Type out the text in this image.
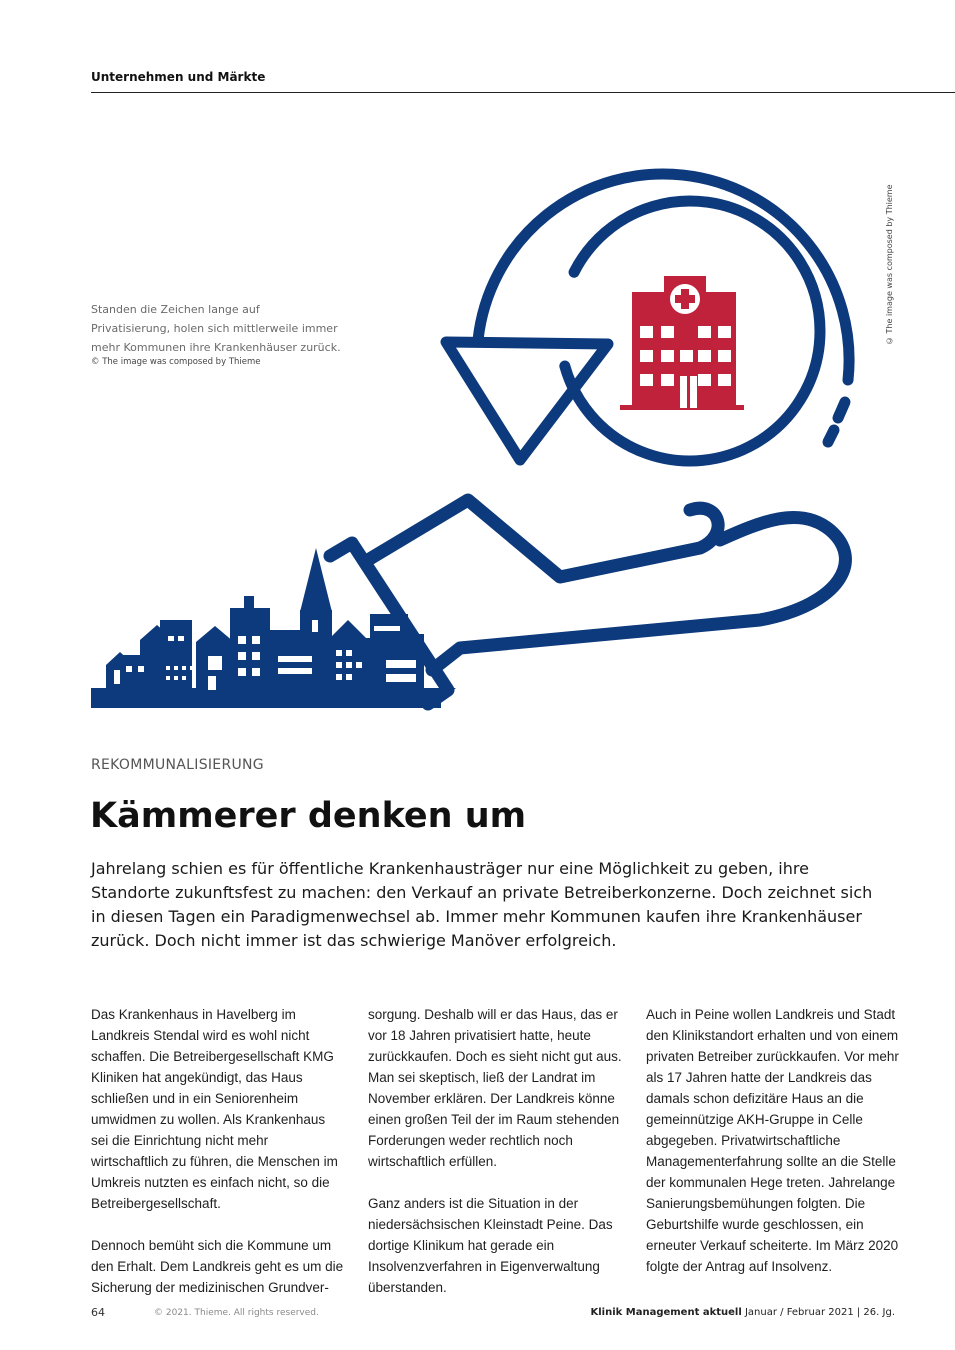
Unternehmen und Märkte
Standen die Zeichen lange auf Privatisierung, holen sich mittlerweile immer mehr Kommunen ihre Krankenhäuser zurück.
© The image was composed by Thieme
© The image was composed by Thieme
REKOMMUNALISIERUNG
Kämmerer denken um

Jahrelang schien es für öffentliche Krankenhausträger nur eine Möglichkeit zu geben, ihre Standorte zukunftsfest zu machen: den Verkauf an private Betreiberkonzerne. Doch zeichnet sich in diesen Tagen ein Paradigmenwechsel ab. Immer mehr Kommunen kaufen ihre Krankenhäuser zurück. Doch nicht immer ist das schwierige Manöver erfolgreich.

Das Krankenhaus in Havelberg im Landkreis Stendal wird es wohl nicht schaffen. Die Betreibergesellschaft KMG Kliniken hat angekündigt, das Haus schließen und in ein Seniorenheim umwidmen zu wollen. Als Krankenhaus sei die Einrichtung nicht mehr wirtschaftlich zu führen, die Menschen im Umkreis nutzten es einfach nicht, so die Betreibergesellschaft.

Dennoch bemüht sich die Kommune um den Erhalt. Dem Landkreis geht es um die Sicherung der medizinischen Grundver-

sorgung. Deshalb will er das Haus, das er vor 18 Jahren privatisiert hatte, heute zurückkaufen. Doch es sieht nicht gut aus. Man sei skeptisch, ließ der Landrat im November erklären. Der Landkreis könne einen großen Teil der im Raum stehenden Forderungen weder rechtlich noch wirtschaftlich erfüllen.

Ganz anders ist die Situation in der niedersächsischen Kleinstadt Peine. Das dortige Klinikum hat gerade ein Insolvenzverfahren in Eigenverwaltung überstanden.

Auch in Peine wollen Landkreis und Stadt den Klinikstandort erhalten und von einem privaten Betreiber zurückkaufen. Vor mehr als 17 Jahren hatte der Landkreis das damals schon defizitäre Haus an die gemeinnützige AKH-Gruppe in Celle abgegeben. Privatwirtschaftliche Managementerfahrung sollte an die Stelle der kommunalen Hege treten. Jahrelange Sanierungsbemühungen folgten. Die Geburtshilfe wurde geschlossen, ein erneuter Verkauf scheiterte. Im März 2020 folgte der Antrag auf Insolvenz.

64	© 2021. Thieme. All rights reserved.	Klinik Management aktuell Januar / Februar 2021 | 26. Jg.
